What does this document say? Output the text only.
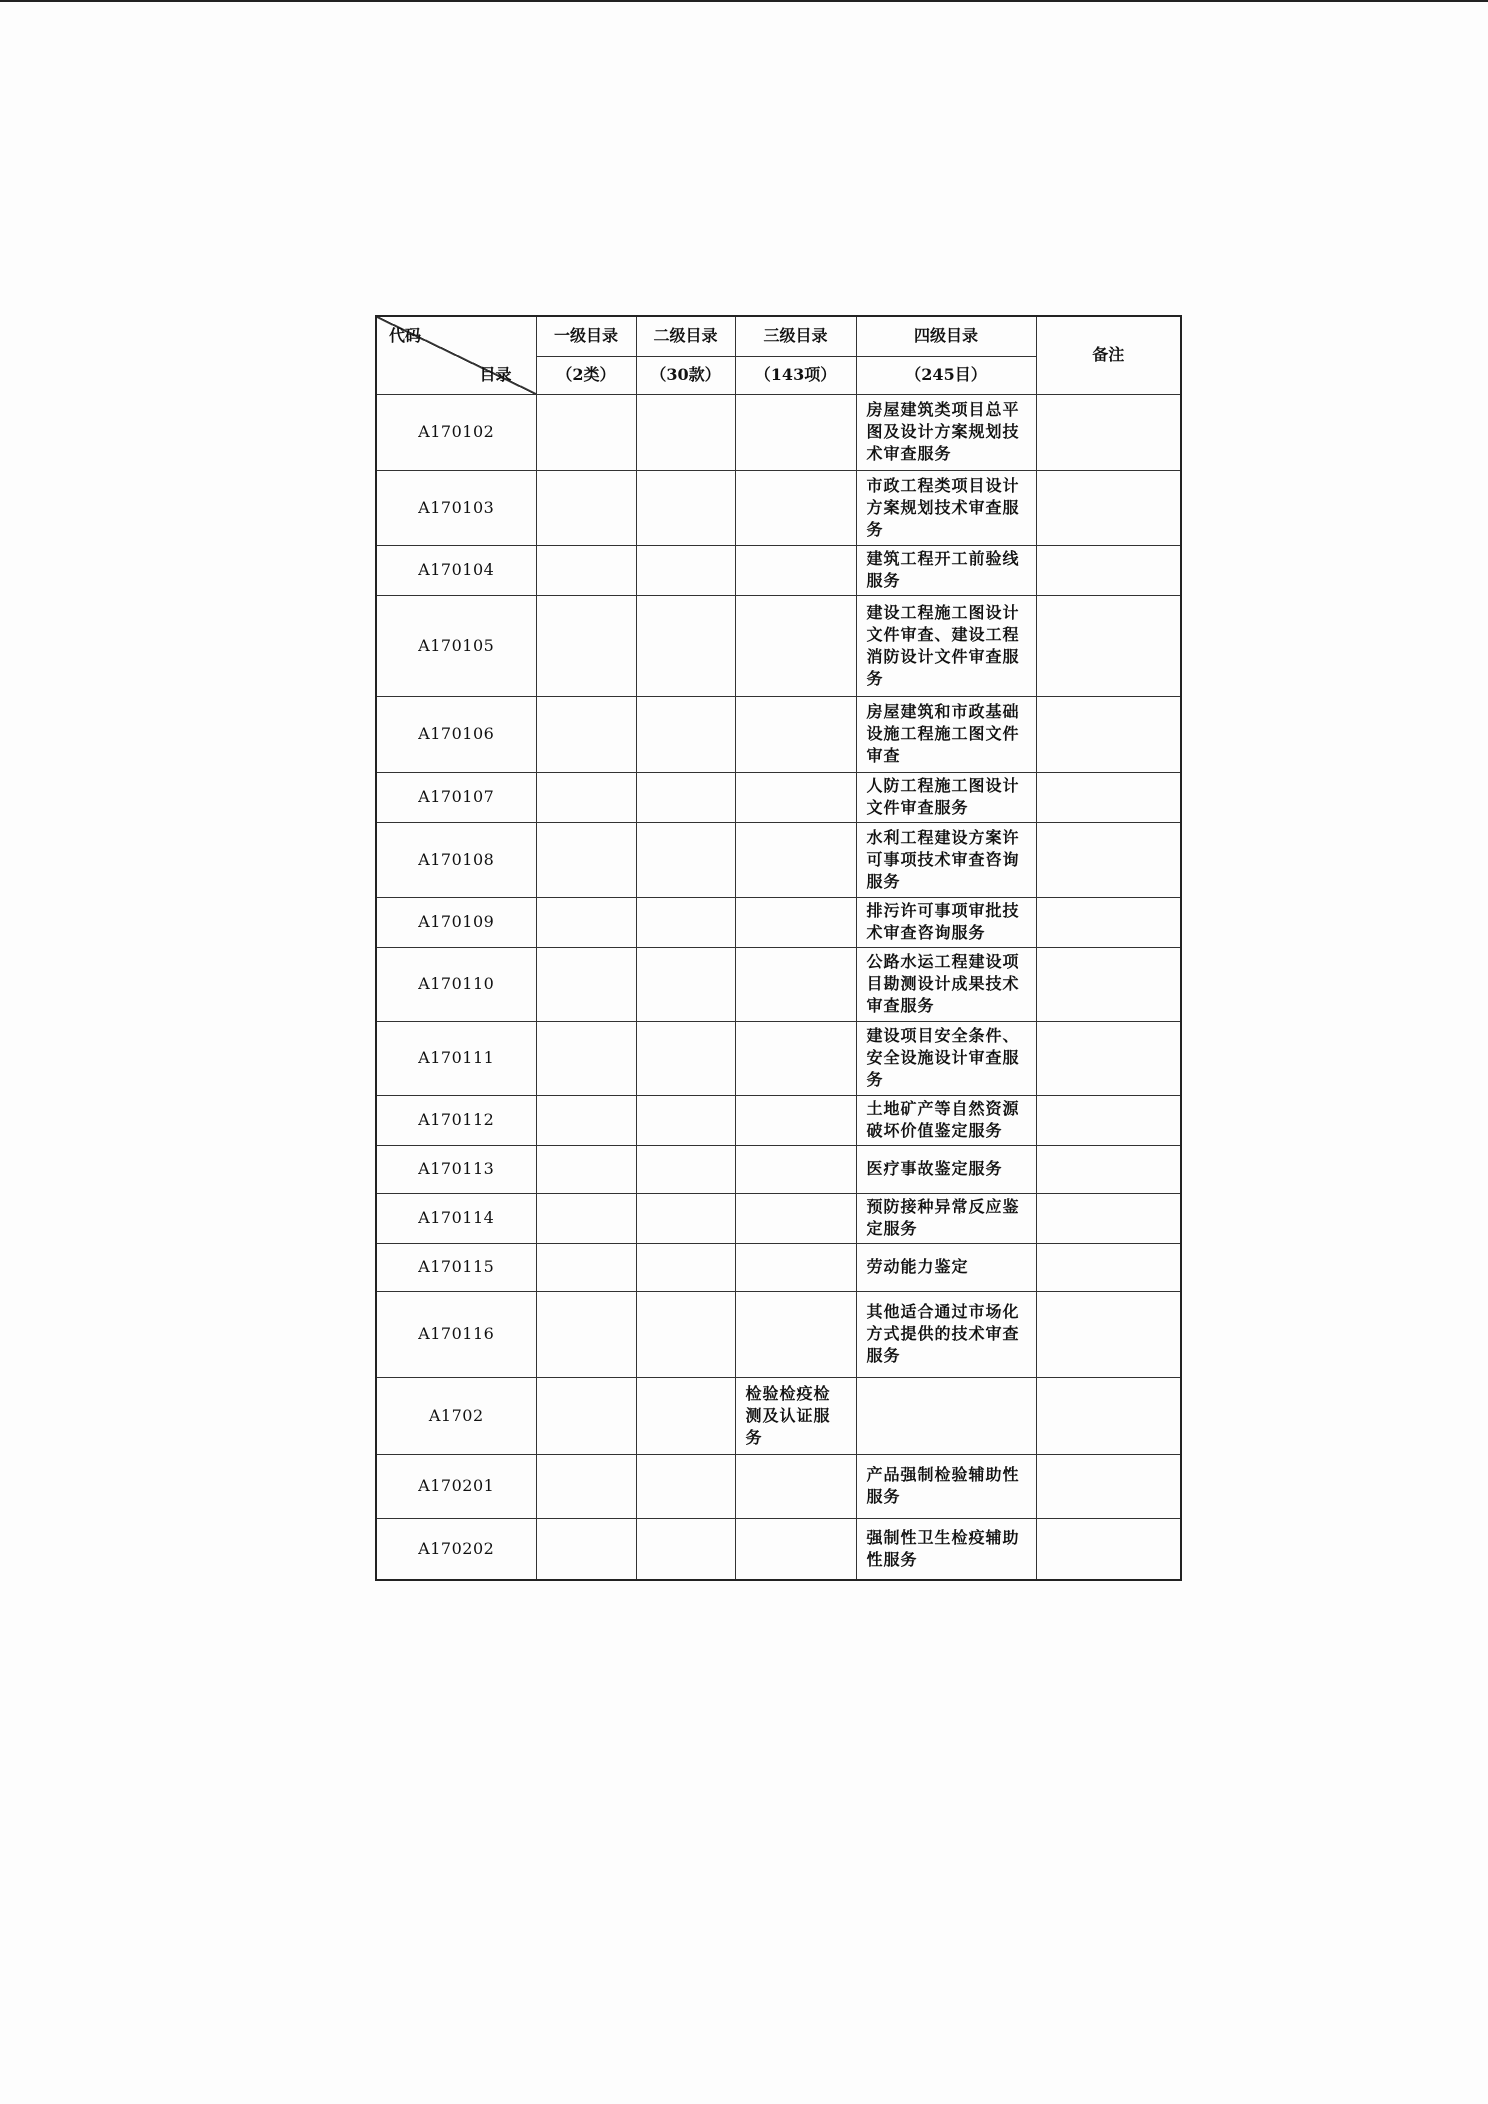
代码
目录	一级目录	二级目录	三级目录	四级目录	备注
	（2类）	（30款）	（143项）	（245目）	
A170102				房屋建筑类项目总平图及设计方案规划技术审查服务	
A170103				市政工程类项目设计方案规划技术审查服务	
A170104				建筑工程开工前验线服务	
A170105				建设工程施工图设计文件审查、建设工程消防设计文件审查服务	
A170106				房屋建筑和市政基础设施工程施工图文件审查	
A170107				人防工程施工图设计文件审查服务	
A170108				水利工程建设方案许可事项技术审查咨询服务	
A170109				排污许可事项审批技术审查咨询服务	
A170110				公路水运工程建设项目勘测设计成果技术审查服务	
A170111				建设项目安全条件、安全设施设计审查服务	
A170112				土地矿产等自然资源破坏价值鉴定服务	
A170113				医疗事故鉴定服务	
A170114				预防接种异常反应鉴定服务	
A170115				劳动能力鉴定	
A170116				其他适合通过市场化方式提供的技术审查服务	
A1702			检验检疫检测及认证服务		
A170201				产品强制检验辅助性服务	
A170202				强制性卫生检疫辅助性服务	
